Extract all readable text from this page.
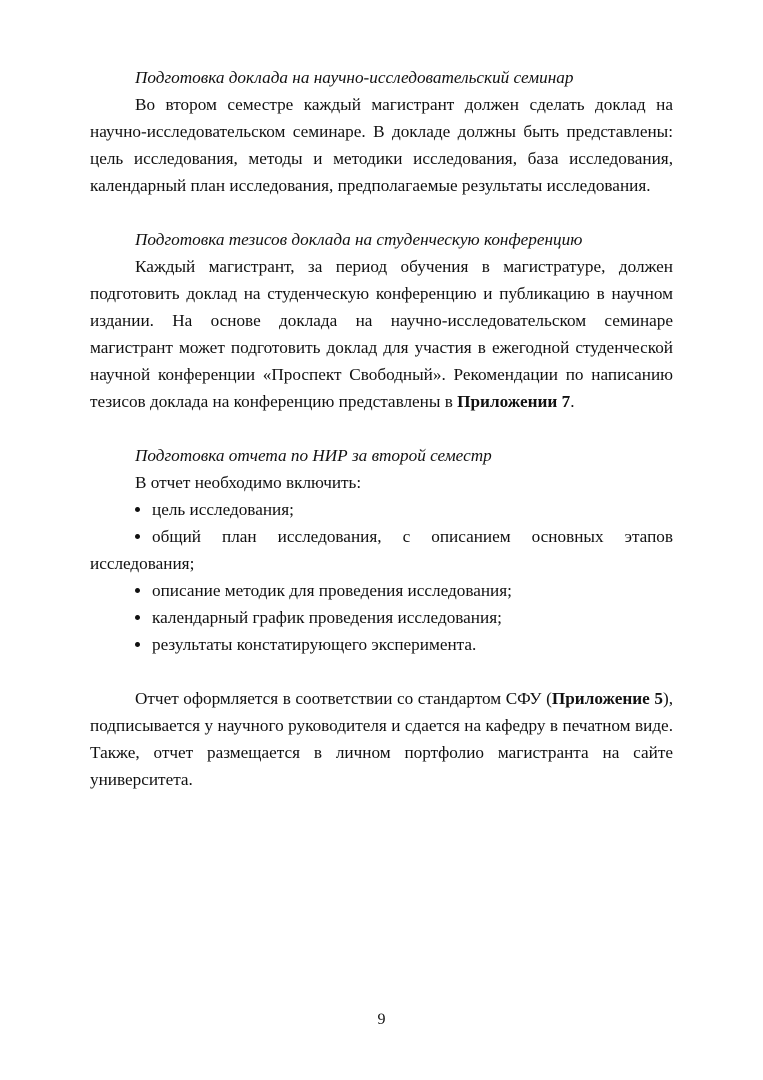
Подготовка доклада на научно-исследовательский семинар

Во втором семестре каждый магистрант должен сделать доклад на научно-исследовательском семинаре. В докладе должны быть представлены: цель исследования, методы и методики исследования, база исследования, календарный план исследования, предполагаемые результаты исследования.

Подготовка тезисов доклада на студенческую конференцию

Каждый магистрант, за период обучения в магистратуре, должен подготовить доклад на студенческую конференцию и публикацию в научном издании. На основе доклада на научно-исследовательском семинаре магистрант может подготовить доклад для участия в ежегодной студенческой научной конференции «Проспект Свободный». Рекомендации по написанию тезисов доклада на конференцию представлены в Приложении 7.

Подготовка отчета по НИР за второй семестр

В отчет необходимо включить:

цель исследования;
общий план исследования, с описанием основных этапов исследования;
описание методик для проведения исследования;
календарный график проведения исследования;
результаты констатирующего эксперимента.

Отчет оформляется в соответствии со стандартом СФУ (Приложение 5), подписывается у научного руководителя и сдается на кафедру в печатном виде. Также, отчет размещается в личном портфолио магистранта на сайте университета.

9
